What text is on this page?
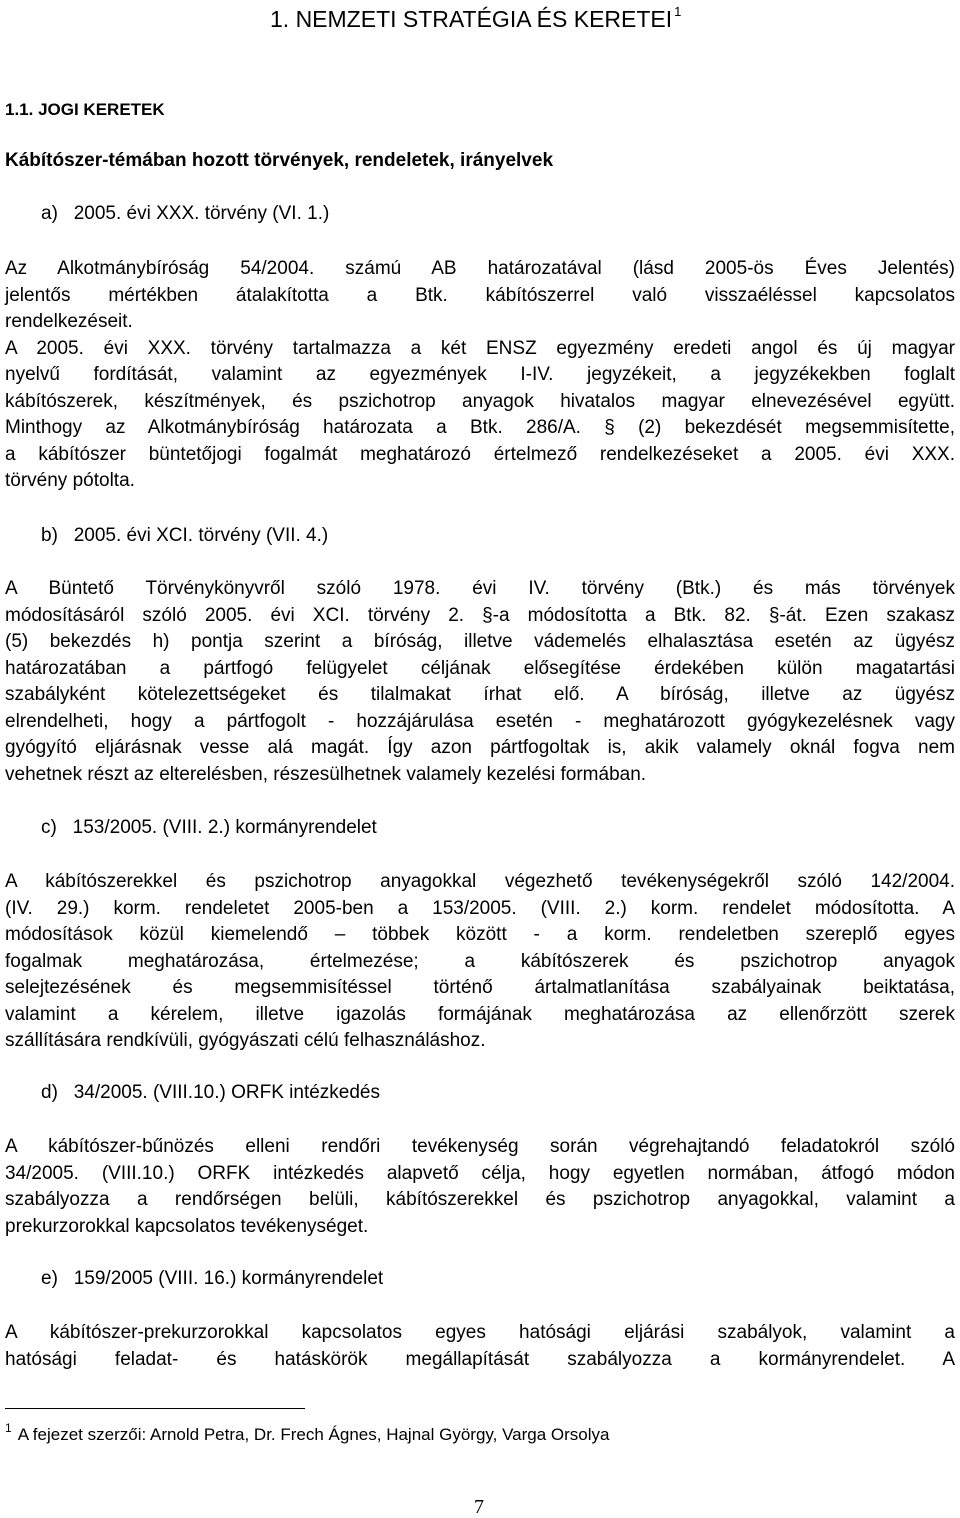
1. NEMZETI STRATÉGIA ÉS KERETEI $^1$
1.1. JOGI KERETEK
Kábítószer-témában hozott törvények, rendeletek, irányelvek
a)   2005. évi XXX. törvény (VI. 1.)
Az Alkotmánybíróság 54/2004. számú AB határozatával (lásd 2005-ös Éves Jelentés)
jelentős mértékben átalakította a Btk. kábítószerrel való visszaéléssel kapcsolatos
rendelkezéseit.
A 2005. évi XXX. törvény tartalmazza a két ENSZ egyezmény eredeti angol és új magyar
nyelvű fordítását, valamint az egyezmények I-IV. jegyzékeit, a jegyzékekben foglalt
kábítószerek, készítmények, és pszichotrop anyagok hivatalos magyar elnevezésével együtt.
Minthogy az Alkotmánybíróság határozata a Btk. 286/A. § (2) bekezdését megsemmisítette,
a kábítószer büntetőjogi fogalmát meghatározó értelmező rendelkezéseket a 2005. évi XXX.
törvény pótolta.
b)   2005. évi XCI. törvény (VII. 4.)
A Büntető Törvénykönyvről szóló 1978. évi IV. törvény (Btk.) és más törvények
módosításáról szóló 2005. évi XCI. törvény 2. §-a módosította a Btk. 82. §-át. Ezen szakasz
(5) bekezdés h) pontja szerint a bíróság, illetve vádemelés elhalasztása esetén az ügyész
határozatában a pártfogó felügyelet céljának elősegítése érdekében külön magatartási
szabályként kötelezettségeket és tilalmakat írhat elő. A bíróság, illetve az ügyész
elrendelheti, hogy a pártfogolt - hozzájárulása esetén - meghatározott gyógykezelésnek vagy
gyógyító eljárásnak vesse alá magát. Így azon pártfogoltak is, akik valamely oknál fogva nem
vehetnek részt az elterelésben, részesülhetnek valamely kezelési formában.
c)   153/2005. (VIII. 2.) kormányrendelet
A kábítószerekkel és pszichotrop anyagokkal végezhető tevékenységekről szóló 142/2004.
(IV. 29.) korm. rendeletet 2005-ben a 153/2005. (VIII. 2.) korm. rendelet módosította. A
módosítások közül kiemelendő – többek között - a korm. rendeletben szereplő egyes
fogalmak meghatározása, értelmezése; a kábítószerek és pszichotrop anyagok
selejtezésének és megsemmisítéssel történő ártalmatlanítása szabályainak beiktatása,
valamint a kérelem, illetve igazolás formájának meghatározása az ellenőrzött szerek
szállítására rendkívüli, gyógyászati célú felhasználáshoz.
d)   34/2005. (VIII.10.) ORFK intézkedés
A kábítószer-bűnözés elleni rendőri tevékenység során végrehajtandó feladatokról szóló
34/2005. (VIII.10.) ORFK intézkedés alapvető célja, hogy egyetlen normában, átfogó módon
szabályozza a rendőrségen belüli, kábítószerekkel és pszichotrop anyagokkal, valamint a
prekurzorokkal kapcsolatos tevékenységet.
e)   159/2005 (VIII. 16.) kormányrendelet
A kábítószer-prekurzorokkal kapcsolatos egyes hatósági eljárási szabályok, valamint a
hatósági feladat- és hatáskörök megállapítását szabályozza a kormányrendelet. A
$^1$ A fejezet szerzői: Arnold Petra, Dr. Frech Ágnes, Hajnal György, Varga Orsolya
7
